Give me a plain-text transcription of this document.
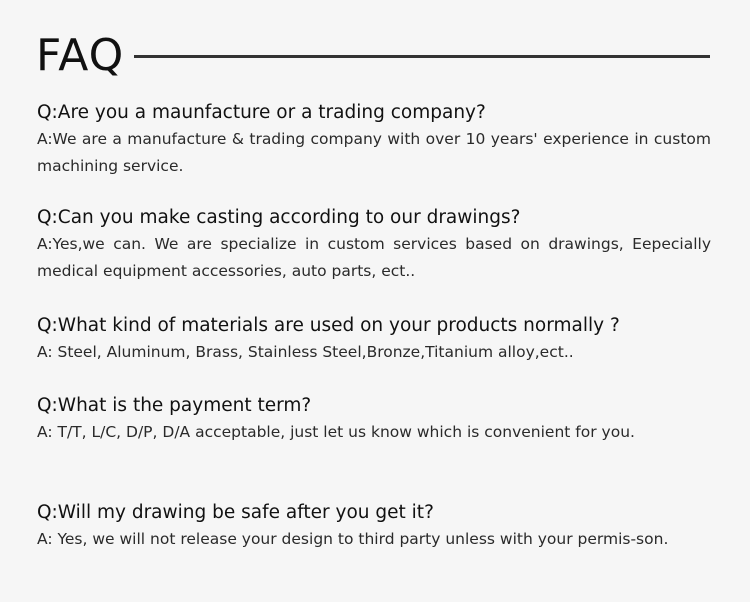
FAQ
Q:Are you a maunfacture or a trading company?
A:We are a manufacture & trading company with over 10 years' experience in custom machining service.
Q:Can you make casting according to our drawings?
A:Yes,we can. We are specialize in custom services based on drawings, Eepecially medical equipment accessories, auto parts, ect..
Q:What kind of materials are used on your products normally ?
A: Steel, Aluminum, Brass, Stainless Steel,Bronze,Titanium alloy,ect..
Q:What is the payment term?
A: T/T, L/C, D/P, D/A acceptable, just let us know which is convenient for you.
Q:Will my drawing be safe after you get it?
A: Yes, we will not release your design to third party unless with your permis-son.
